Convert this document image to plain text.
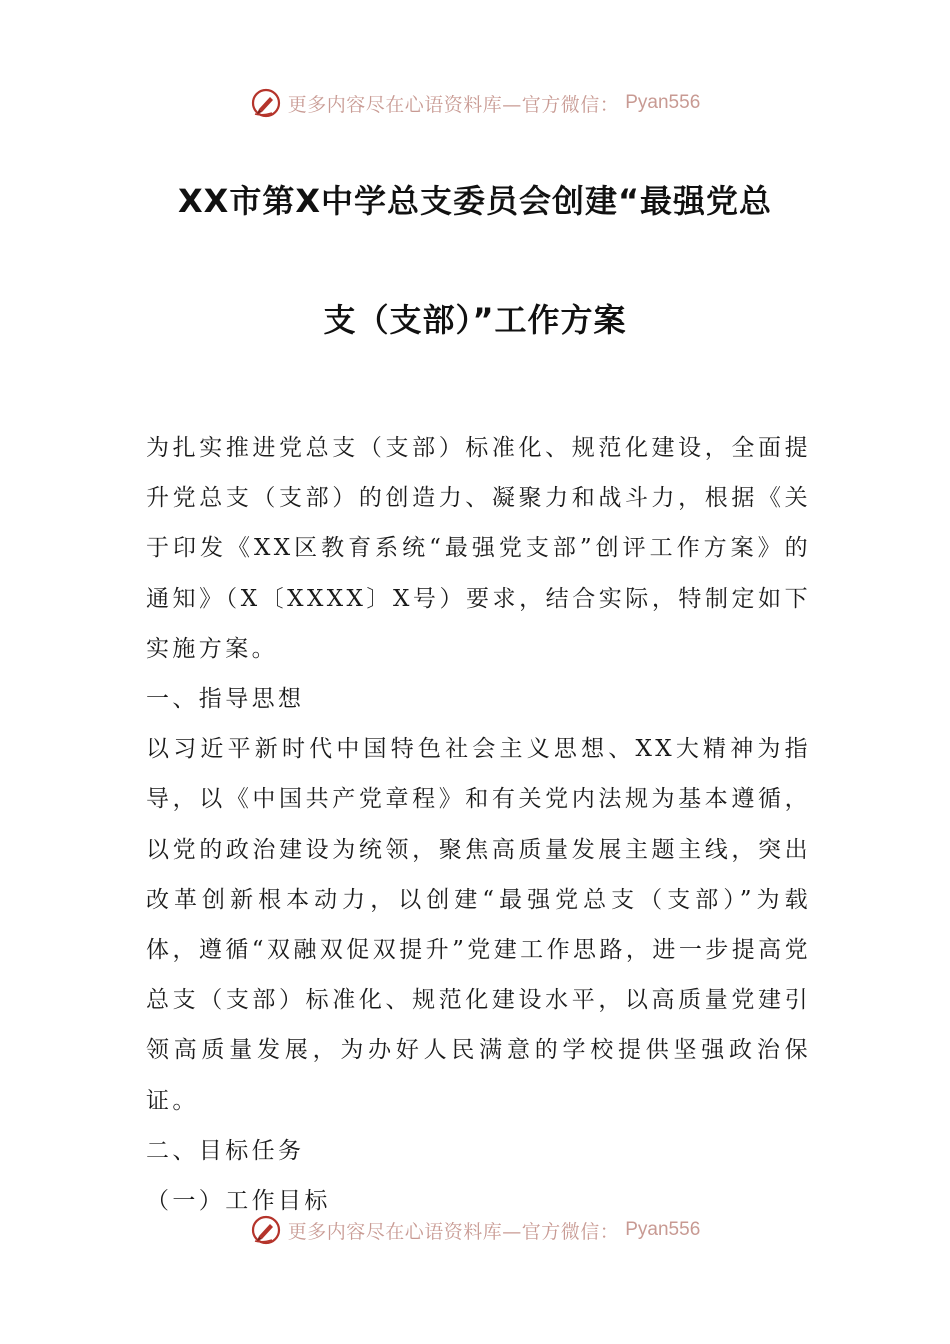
更多内容尽在心语资料库—官方微信： Pyan556
XX市第X中学总支委员会创建“最强党总
支（支部）”工作方案

为扎实推进党总支（支部）标准化、规范化建设，全面提升党总支（支部）的创造力、凝聚力和战斗力，根据《关于印发《XX区教育系统“最强党支部”创评工作方案》的通知》（X〔XXXX〕X号）要求，结合实际，特制定如下实施方案。

一、指导思想

以习近平新时代中国特色社会主义思想、XX大精神为指导，以《中国共产党章程》和有关党内法规为基本遵循，以党的政治建设为统领，聚焦高质量发展主题主线，突出改革创新根本动力，以创建“最强党总支（支部）”为载体，遵循“双融双促双提升”党建工作思路，进一步提高党总支（支部）标准化、规范化建设水平，以高质量党建引领高质量发展，为办好人民满意的学校提供坚强政治保证。

二、目标任务

（一）工作目标

更多内容尽在心语资料库—官方微信： Pyan556
